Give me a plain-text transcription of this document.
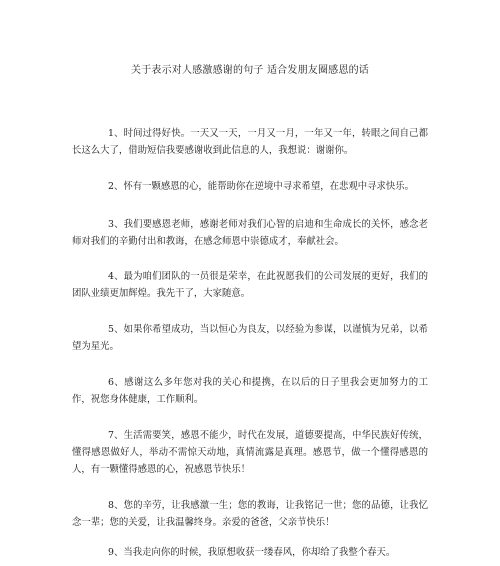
关于表示对人感激感谢的句子 适合发朋友圈感恩的话

1、时间过得好快。一天又一天，一月又一月，一年又一年，转眼之间自己都长这么大了，借助短信我要感谢收到此信息的人，我想说：谢谢你。

2、怀有一颗感恩的心，能帮助你在逆境中寻求希望，在悲观中寻求快乐。

3、我们要感恩老师，感谢老师对我们心智的启迪和生命成长的关怀，感念老师对我们的辛勤付出和教诲，在感念师恩中崇德成才，奉献社会。

4、最为咱们团队的一员很是荣幸，在此祝愿我们的公司发展的更好，我们的团队业绩更加辉煌。我先干了，大家随意。

5、如果你希望成功，当以恒心为良友，以经验为参谋，以谨慎为兄弟，以希望为星光。

6、感谢这么多年您对我的关心和提携，在以后的日子里我会更加努力的工作，祝您身体健康，工作顺利。

7、生活需要笑，感恩不能少，时代在发展，道德要提高，中华民族好传统，懂得感恩做好人，举动不需惊天动地，真情流露是真理。感恩节，做一个懂得感恩的人，有一颗懂得感恩的心，祝感恩节快乐！

8、您的辛劳，让我感激一生；您的教诲，让我铭记一世；您的品德，让我忆念一辈；您的关爱，让我温馨终身。亲爱的爸爸，父亲节快乐！

9、当我走向你的时候，我原想收获一缕春风，你却给了我整个春天。
